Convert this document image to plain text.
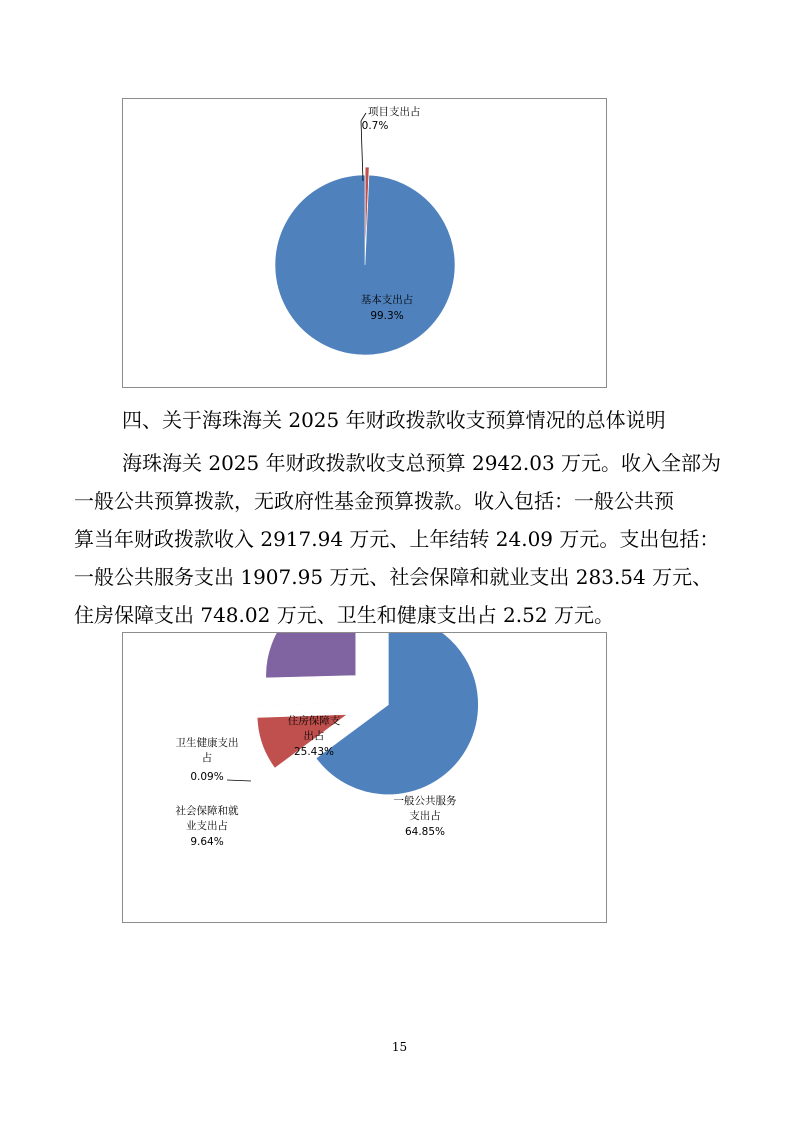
项目支出占
0.7%
基本支出占
99.3%
四、关于海珠海关 2025 年财政拨款收支预算情况的总体说明
海珠海关 2025 年财政拨款收支总预算 2942.03 万元。收入全部为
一般公共预算拨款，无政府性基金预算拨款。收入包括：一般公共预
算当年财政拨款收入 2917.94 万元、上年结转 24.09 万元。支出包括：
一般公共服务支出 1907.95 万元、社会保障和就业支出 283.54 万元、
住房保障支出 748.02 万元、卫生和健康支出占 2.52 万元。
一般公共服务
支出占
64.85%
社会保障和就
业支出占
9.64%
卫生健康支出
占
0.09%
住房保障支
出占
25.43%
15
